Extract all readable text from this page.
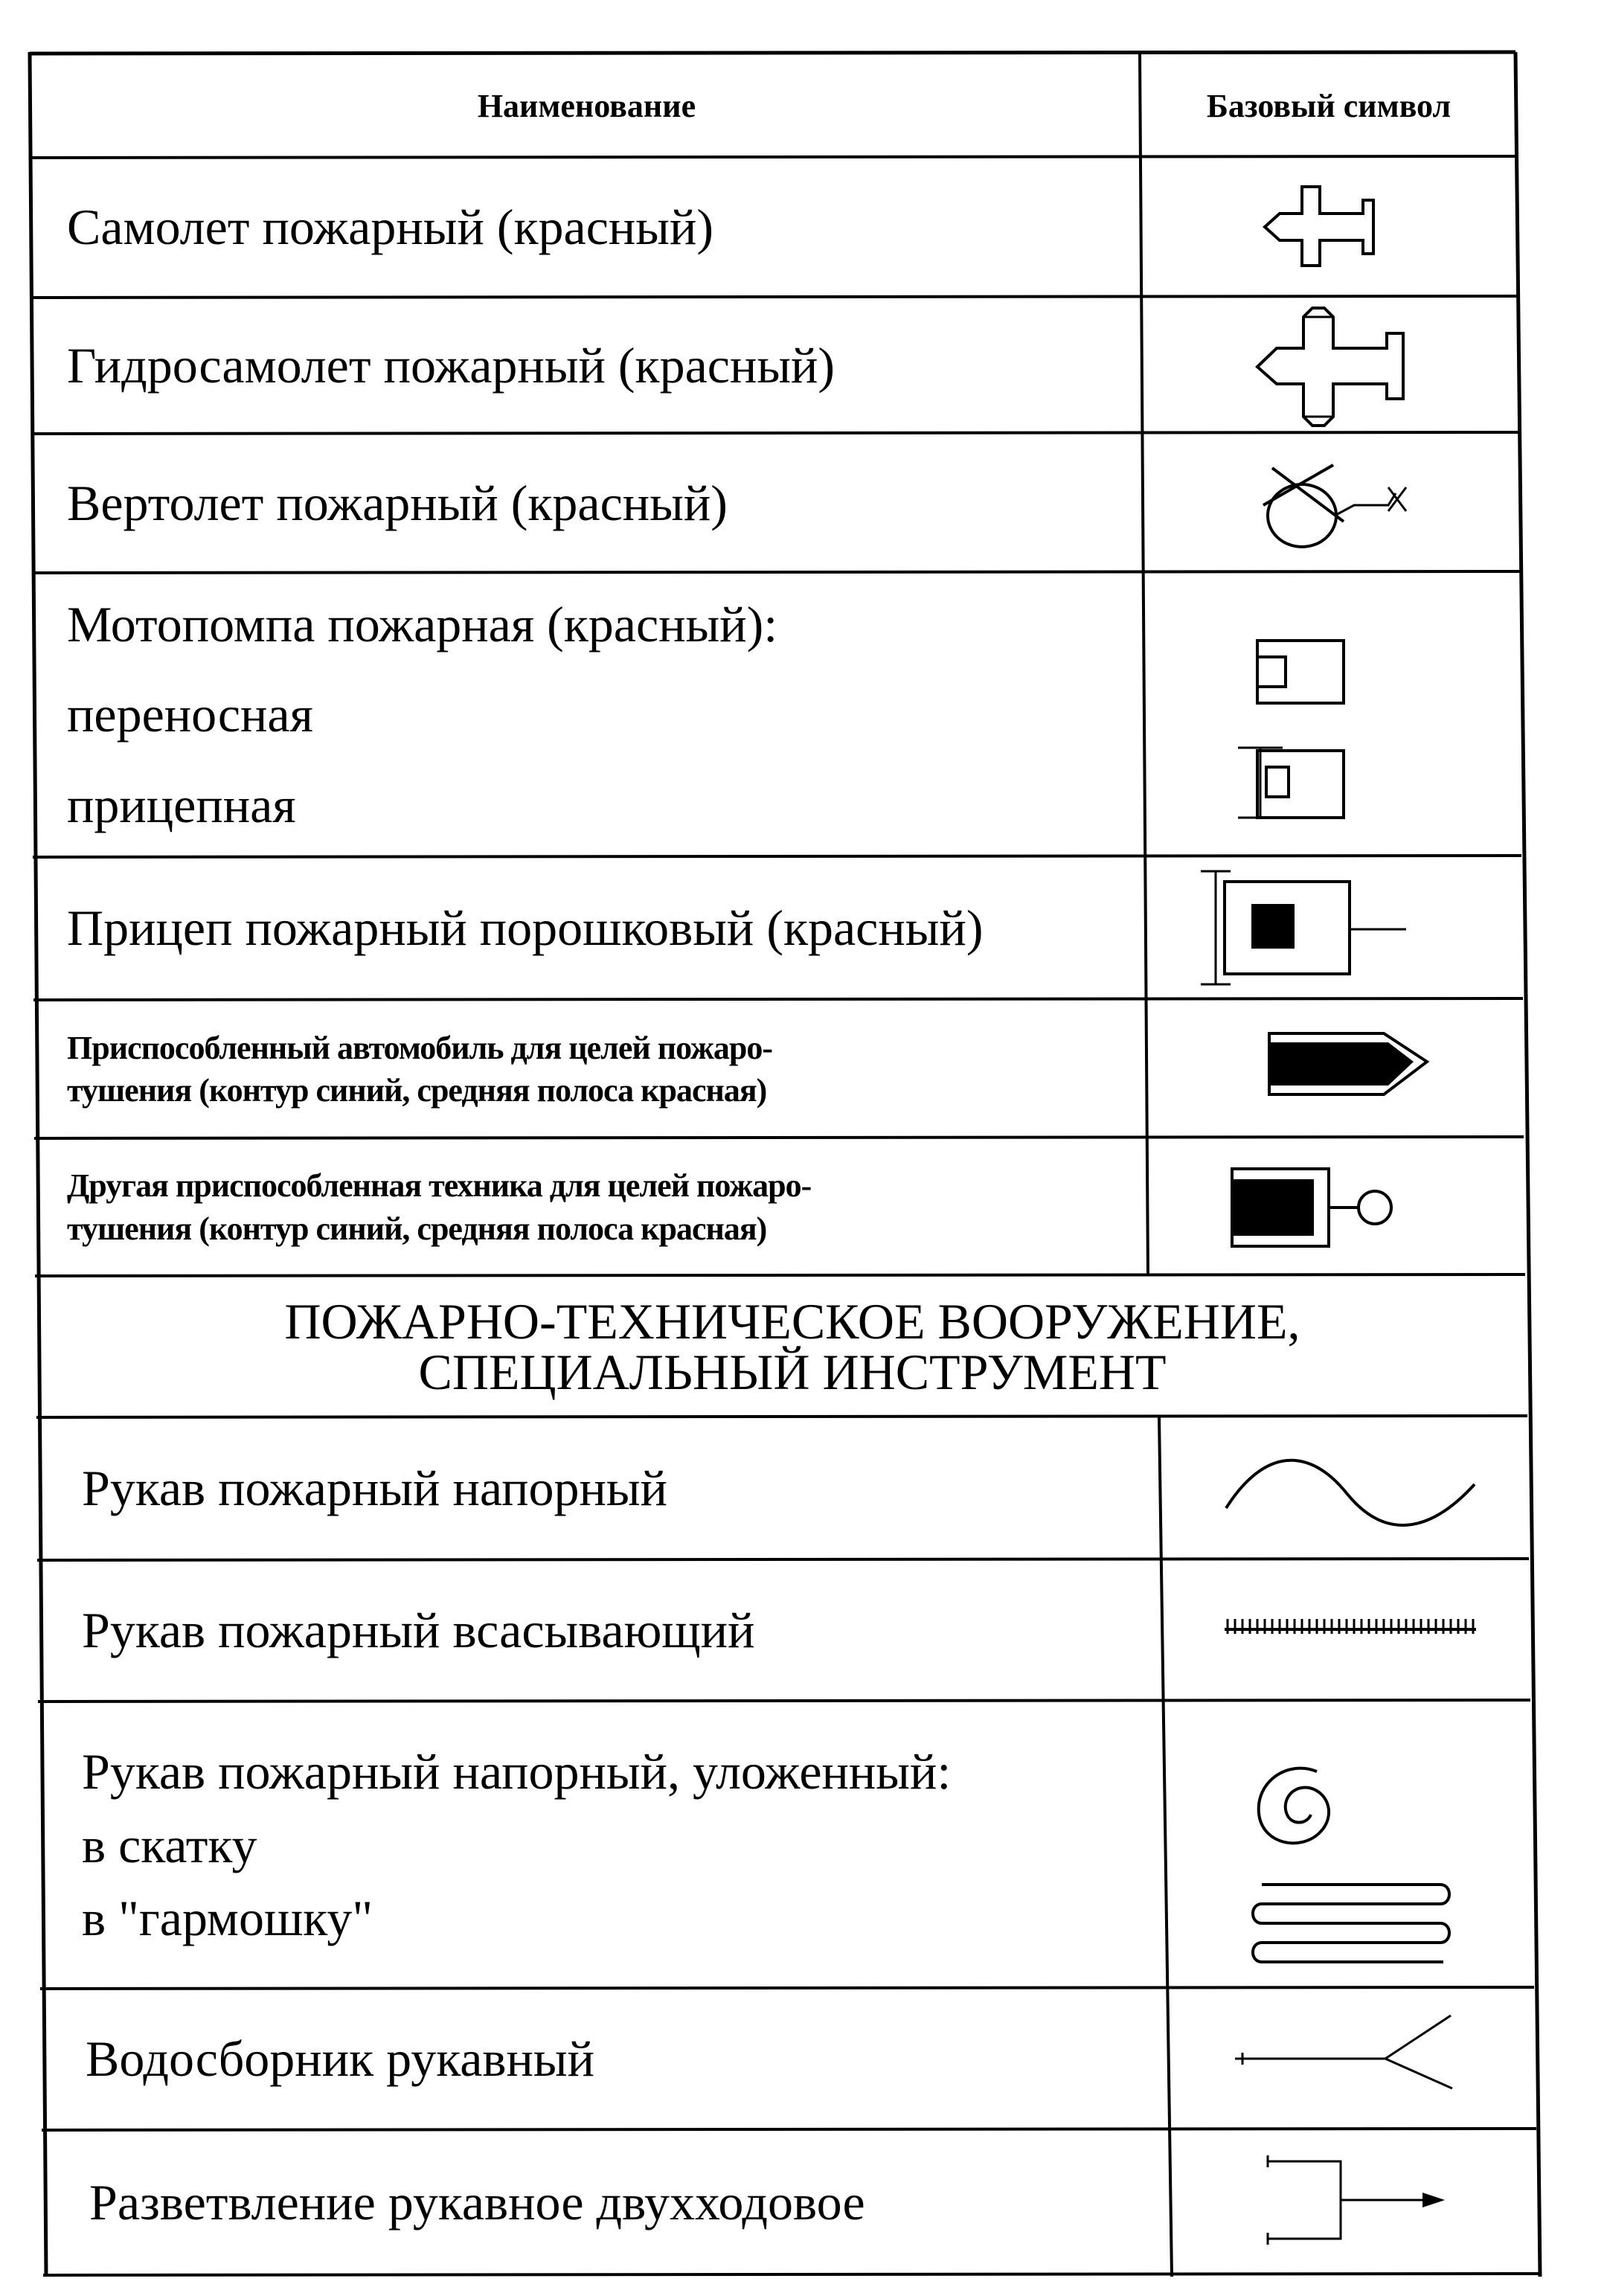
Наименование	Базовый символ
Самолет пожарный (красный)
Гидросамолет пожарный (красный)
Вертолет пожарный (красный)
Мотопомпа пожарная (красный):
переносная
прицепная
Прицеп пожарный порошковый (красный)
Приспособленный автомобиль для целей пожаро-
тушения (контур синий, средняя полоса красная)
Другая приспособленная техника для целей пожаро-
тушения (контур синий, средняя полоса красная)
ПОЖАРНО-ТЕХНИЧЕСКОЕ ВООРУЖЕНИЕ,
СПЕЦИАЛЬНЫЙ ИНСТРУМЕНТ
Рукав пожарный напорный
Рукав пожарный всасывающий
Рукав пожарный напорный, уложенный:
в скатку
в "гармошку"
Водосборник рукавный
Разветвление рукавное двухходовое
